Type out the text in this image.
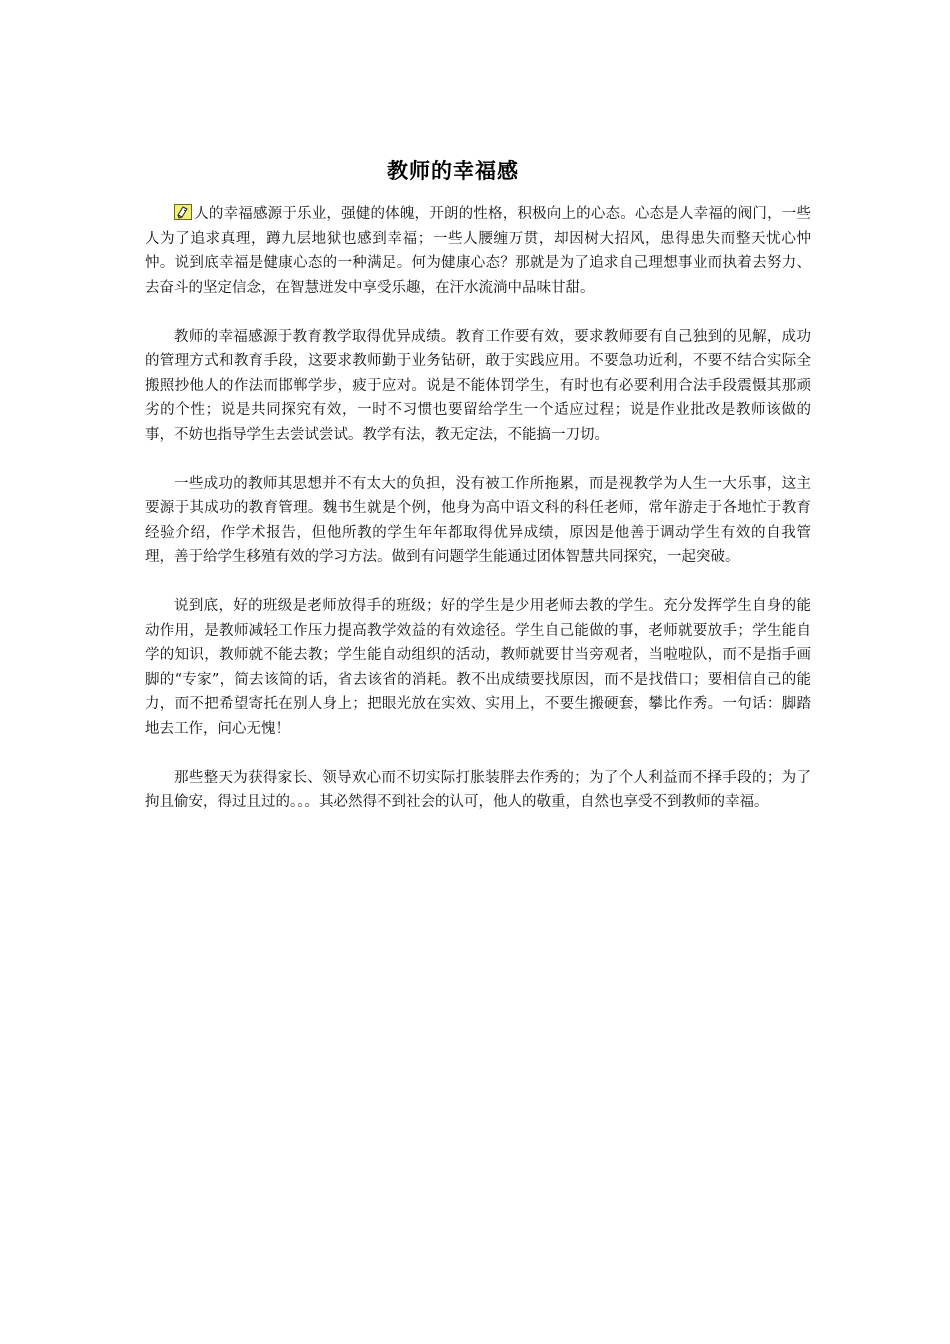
教师的幸福感

人的幸福感源于乐业，强健的体魄，开朗的性格，积极向上的心态。心态是人幸福的阀门，一些人为了追求真理，蹲九层地狱也感到幸福；一些人腰缠万贯，却因树大招风，患得患失而整天忧心忡忡。说到底幸福是健康心态的一种满足。何为健康心态？那就是为了追求自己理想事业而执着去努力、去奋斗的坚定信念，在智慧迸发中享受乐趣，在汗水流淌中品味甘甜。

教师的幸福感源于教育教学取得优异成绩。教育工作要有效，要求教师要有自己独到的见解，成功的管理方式和教育手段，这要求教师勤于业务钻研，敢于实践应用。不要急功近利，不要不结合实际全搬照抄他人的作法而邯郸学步，疲于应对。说是不能体罚学生，有时也有必要利用合法手段震慑其那顽劣的个性；说是共同探究有效，一时不习惯也要留给学生一个适应过程；说是作业批改是教师该做的事，不妨也指导学生去尝试尝试。教学有法，教无定法，不能搞一刀切。

一些成功的教师其思想并不有太大的负担，没有被工作所拖累，而是视教学为人生一大乐事，这主要源于其成功的教育管理。魏书生就是个例，他身为高中语文科的科任老师，常年游走于各地忙于教育经验介绍，作学术报告，但他所教的学生年年都取得优异成绩，原因是他善于调动学生有效的自我管理，善于给学生移殖有效的学习方法。做到有问题学生能通过团体智慧共同探究，一起突破。

说到底，好的班级是老师放得手的班级；好的学生是少用老师去教的学生。充分发挥学生自身的能动作用，是教师减轻工作压力提高教学效益的有效途径。学生自己能做的事，老师就要放手；学生能自学的知识，教师就不能去教；学生能自动组织的活动，教师就要甘当旁观者，当啦啦队，而不是指手画脚的“专家”，简去该简的话，省去该省的消耗。教不出成绩要找原因，而不是找借口；要相信自己的能力，而不把希望寄托在别人身上；把眼光放在实效、实用上，不要生搬硬套，攀比作秀。一句话：脚踏地去工作，问心无愧！

那些整天为获得家长、领导欢心而不切实际打胀装胖去作秀的；为了个人利益而不择手段的；为了拘且偷安，得过且过的。。。其必然得不到社会的认可，他人的敬重，自然也享受不到教师的幸福。
